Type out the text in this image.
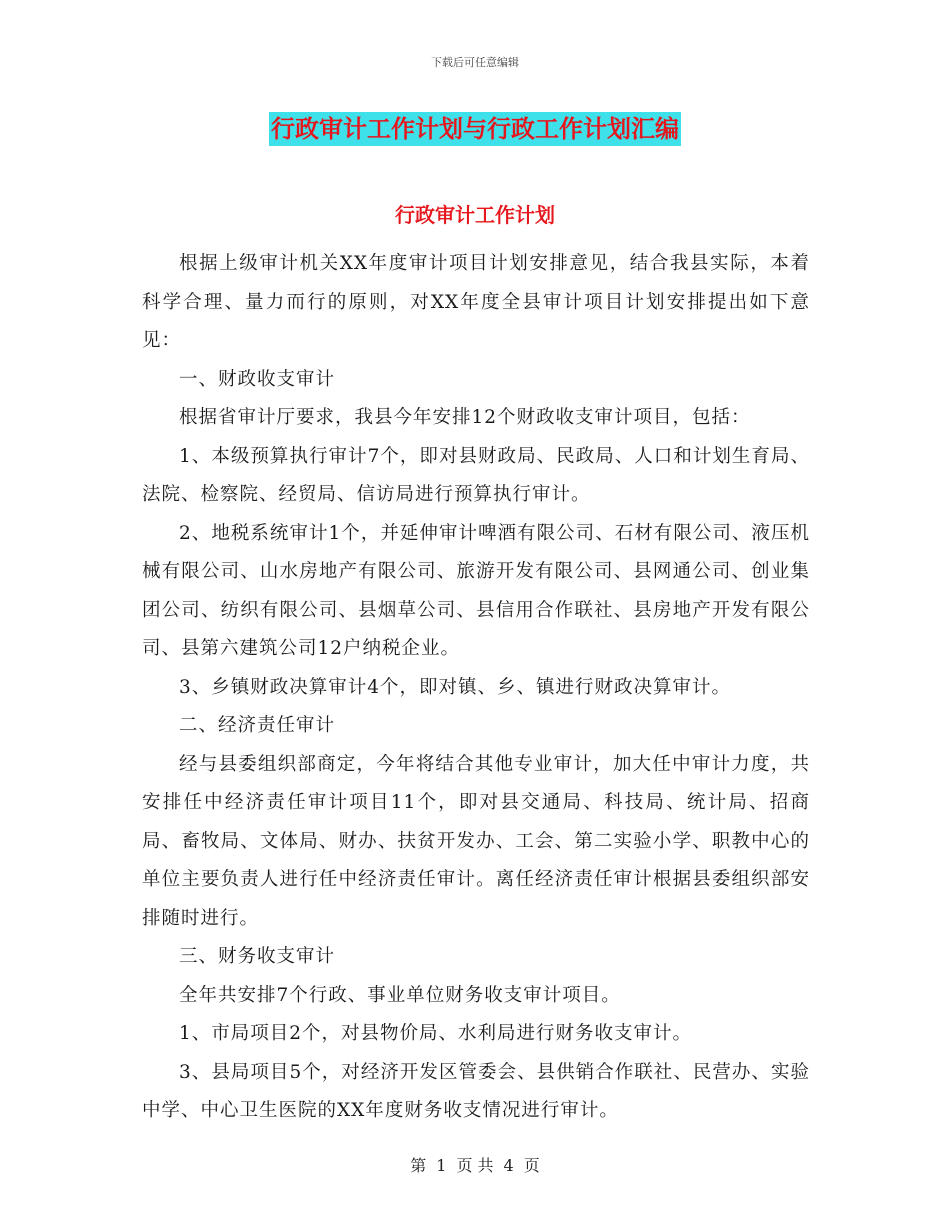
下载后可任意编辑
行政审计工作计划与行政工作计划汇编
行政审计工作计划

根据上级审计机关XX年度审计项目计划安排意见，结合我县实际，本着科学合理、量力而行的原则，对XX年度全县审计项目计划安排提出如下意见：

一、财政收支审计

根据省审计厅要求，我县今年安排12个财政收支审计项目，包括：

1、本级预算执行审计7个，即对县财政局、民政局、人口和计划生育局、法院、检察院、经贸局、信访局进行预算执行审计。

2、地税系统审计1个，并延伸审计啤酒有限公司、石材有限公司、液压机械有限公司、山水房地产有限公司、旅游开发有限公司、县网通公司、创业集团公司、纺织有限公司、县烟草公司、县信用合作联社、县房地产开发有限公司、县第六建筑公司12户纳税企业。

3、乡镇财政决算审计4个，即对镇、乡、镇进行财政决算审计。

二、经济责任审计

经与县委组织部商定，今年将结合其他专业审计，加大任中审计力度，共安排任中经济责任审计项目11个，即对县交通局、科技局、统计局、招商局、畜牧局、文体局、财办、扶贫开发办、工会、第二实验小学、职教中心的单位主要负责人进行任中经济责任审计。离任经济责任审计根据县委组织部安排随时进行。

三、财务收支审计

全年共安排7个行政、事业单位财务收支审计项目。

1、市局项目2个，对县物价局、水利局进行财务收支审计。

3、县局项目5个，对经济开发区管委会、县供销合作联社、民营办、实验中学、中心卫生医院的XX年度财务收支情况进行审计。

第 1 页 共 4 页
